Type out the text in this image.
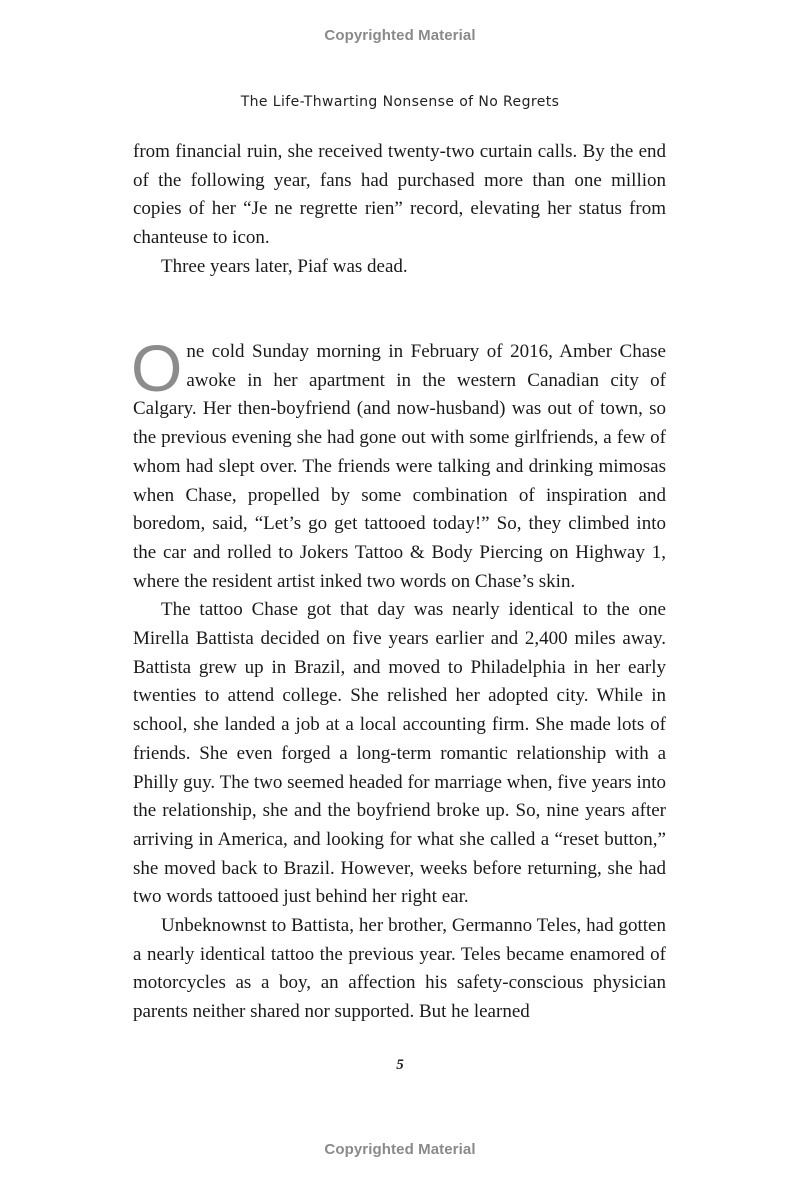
Copyrighted Material
The Life-Thwarting Nonsense of No Regrets

from financial ruin, she received twenty-two curtain calls. By the end of the following year, fans had purchased more than one million copies of her “Je ne regrette rien” record, elevating her status from chanteuse to icon.

Three years later, Piaf was dead.

One cold Sunday morning in February of 2016, Amber Chase awoke in her apartment in the western Canadian city of Calgary. Her then-boyfriend (and now-husband) was out of town, so the previous evening she had gone out with some girlfriends, a few of whom had slept over. The friends were talking and drinking mimosas when Chase, propelled by some combination of inspiration and boredom, said, “Let’s go get tattooed today!” So, they climbed into the car and rolled to Jokers Tattoo & Body Piercing on Highway 1, where the resident artist inked two words on Chase’s skin.

The tattoo Chase got that day was nearly identical to the one Mirella Battista decided on five years earlier and 2,400 miles away. Battista grew up in Brazil, and moved to Philadelphia in her early twenties to attend college. She relished her adopted city. While in school, she landed a job at a local accounting firm. She made lots of friends. She even forged a long-term romantic relationship with a Philly guy. The two seemed headed for marriage when, five years into the relationship, she and the boyfriend broke up. So, nine years after arriving in America, and looking for what she called a “reset button,” she moved back to Brazil. However, weeks before returning, she had two words tattooed just behind her right ear.

Unbeknownst to Battista, her brother, Germanno Teles, had gotten a nearly identical tattoo the previous year. Teles became enamored of motorcycles as a boy, an affection his safety-conscious physician parents neither shared nor supported. But he learned

5
Copyrighted Material
